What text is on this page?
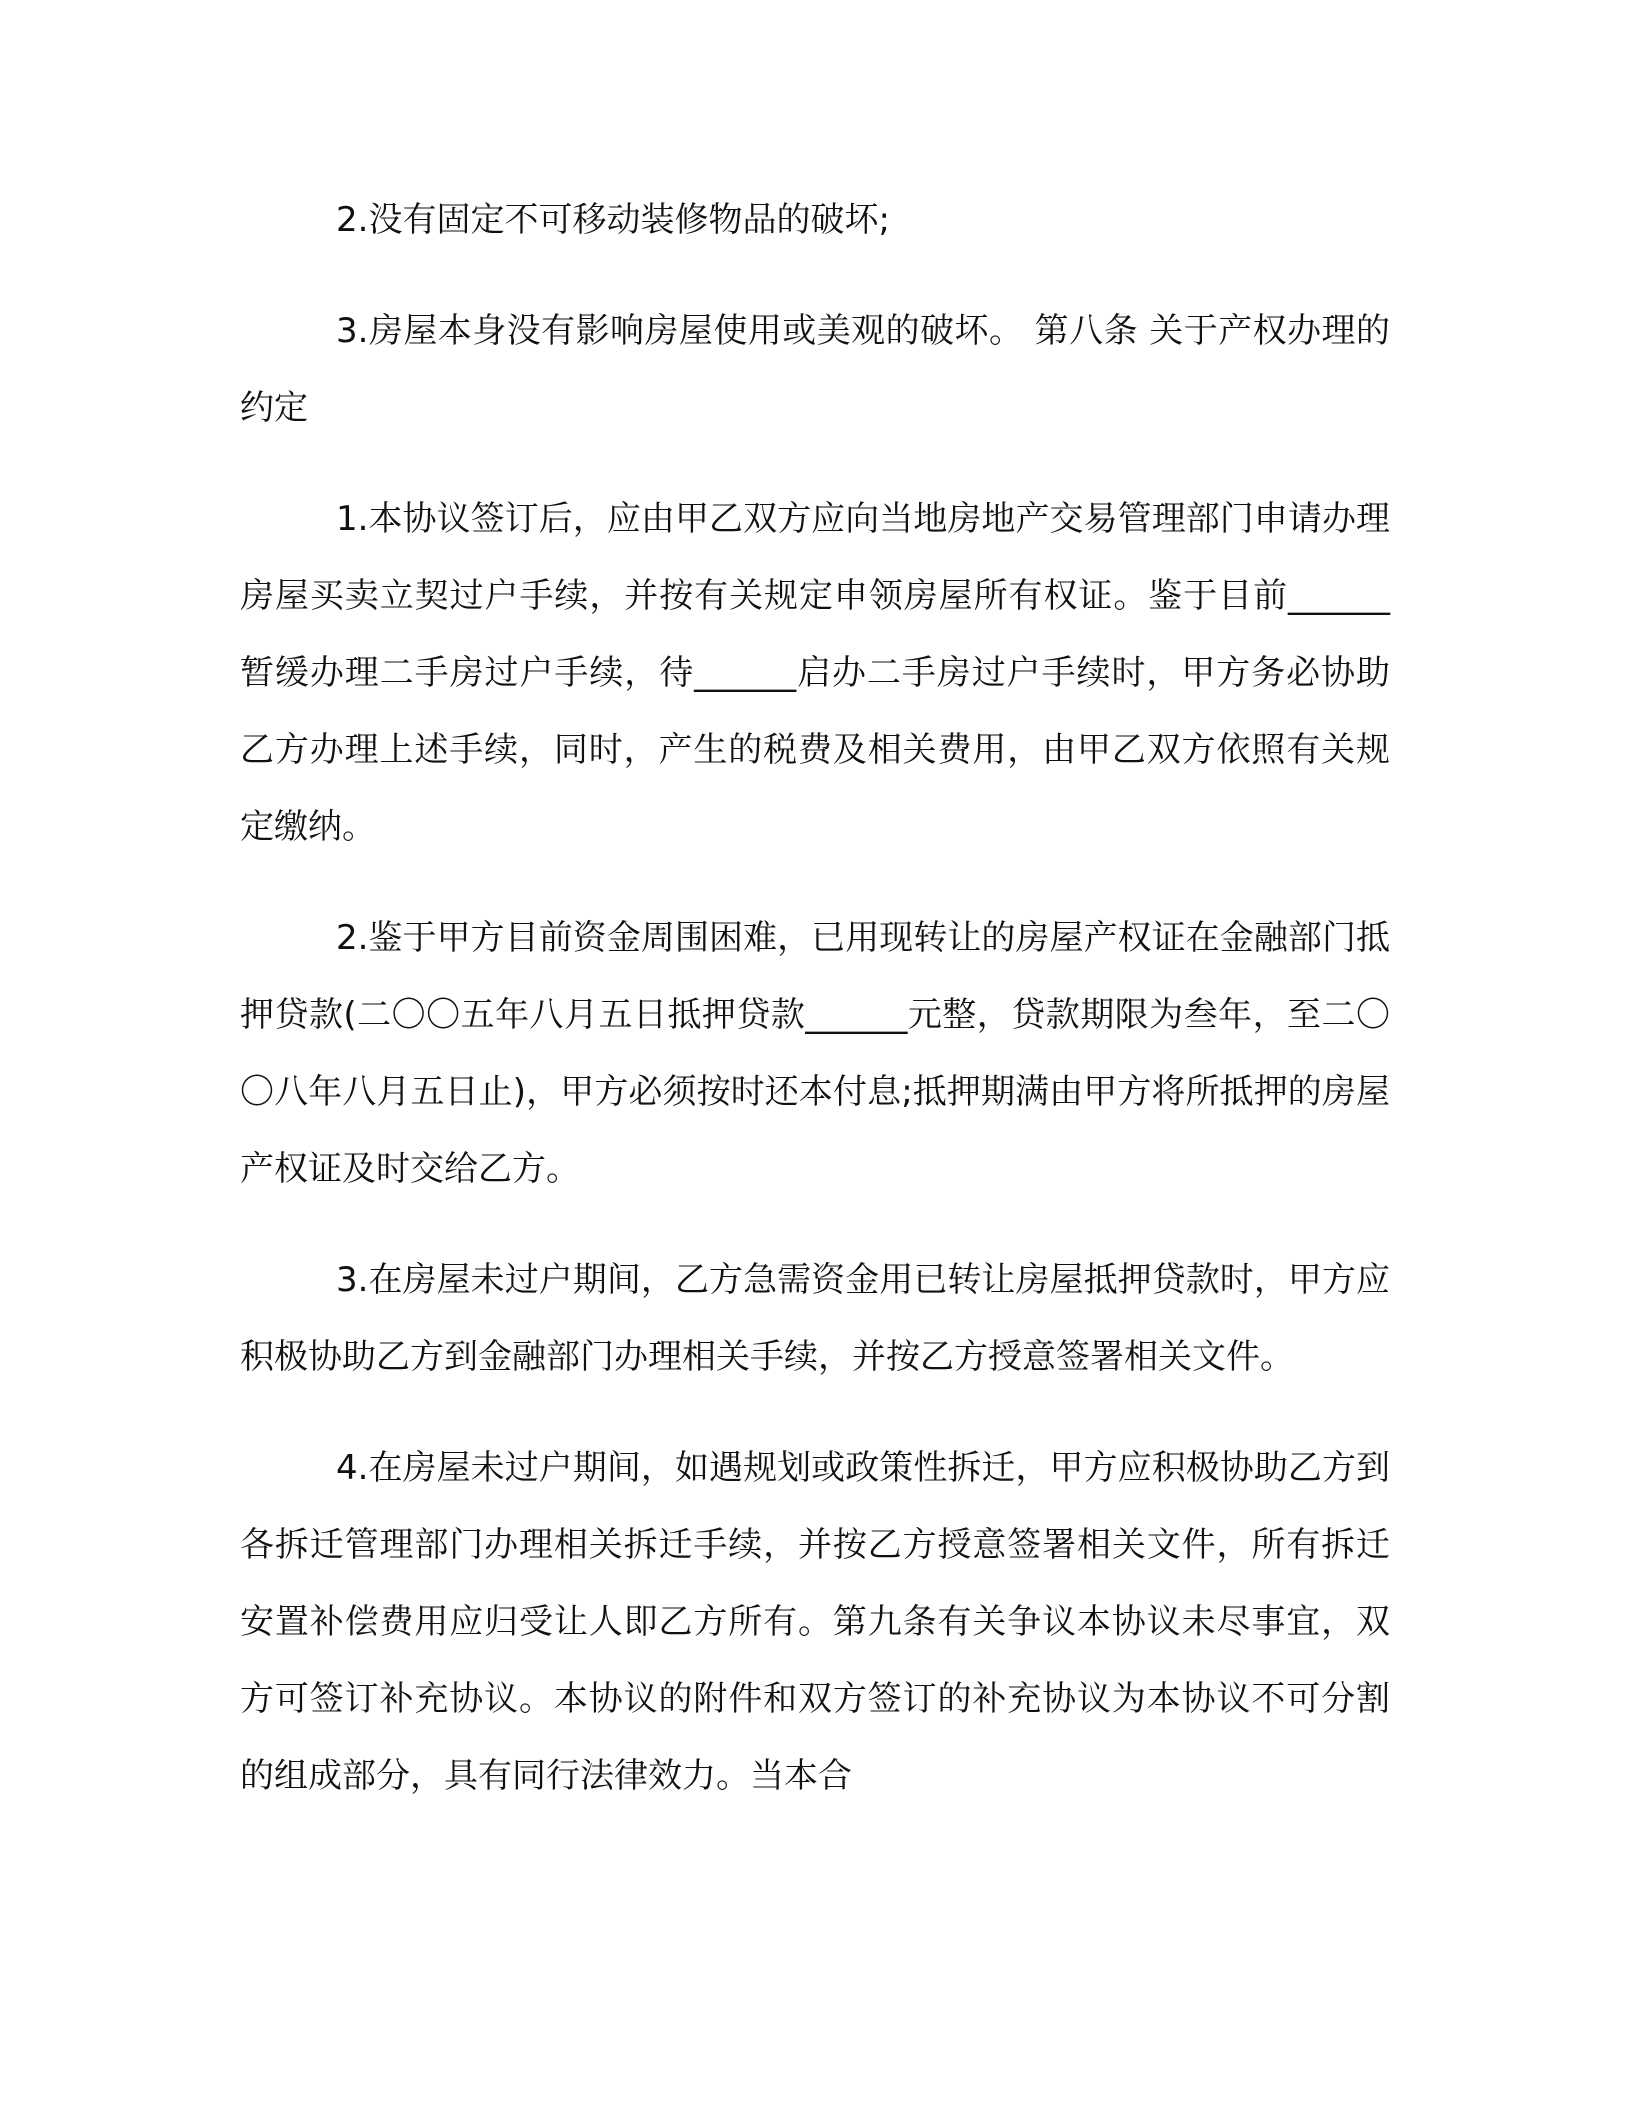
2.没有固定不可移动装修物品的破坏;

3.房屋本身没有影响房屋使用或美观的破坏。 第八条 关于产权办理的约定

1.本协议签订后，应由甲乙双方应向当地房地产交易管理部门申请办理房屋买卖立契过户手续，并按有关规定申领房屋所有权证。鉴于目前______暂缓办理二手房过户手续，待______启办二手房过户手续时，甲方务必协助乙方办理上述手续，同时，产生的税费及相关费用，由甲乙双方依照有关规定缴纳。

2.鉴于甲方目前资金周围困难，已用现转让的房屋产权证在金融部门抵押贷款(二〇〇五年八月五日抵押贷款______元整，贷款期限为叁年，至二〇〇八年八月五日止)，甲方必须按时还本付息;抵押期满由甲方将所抵押的房屋产权证及时交给乙方。

3.在房屋未过户期间，乙方急需资金用已转让房屋抵押贷款时，甲方应积极协助乙方到金融部门办理相关手续，并按乙方授意签署相关文件。

4.在房屋未过户期间，如遇规划或政策性拆迁，甲方应积极协助乙方到各拆迁管理部门办理相关拆迁手续，并按乙方授意签署相关文件，所有拆迁安置补偿费用应归受让人即乙方所有。第九条有关争议本协议未尽事宜，双方可签订补充协议。本协议的附件和双方签订的补充协议为本协议不可分割的组成部分，具有同行法律效力。当本合
